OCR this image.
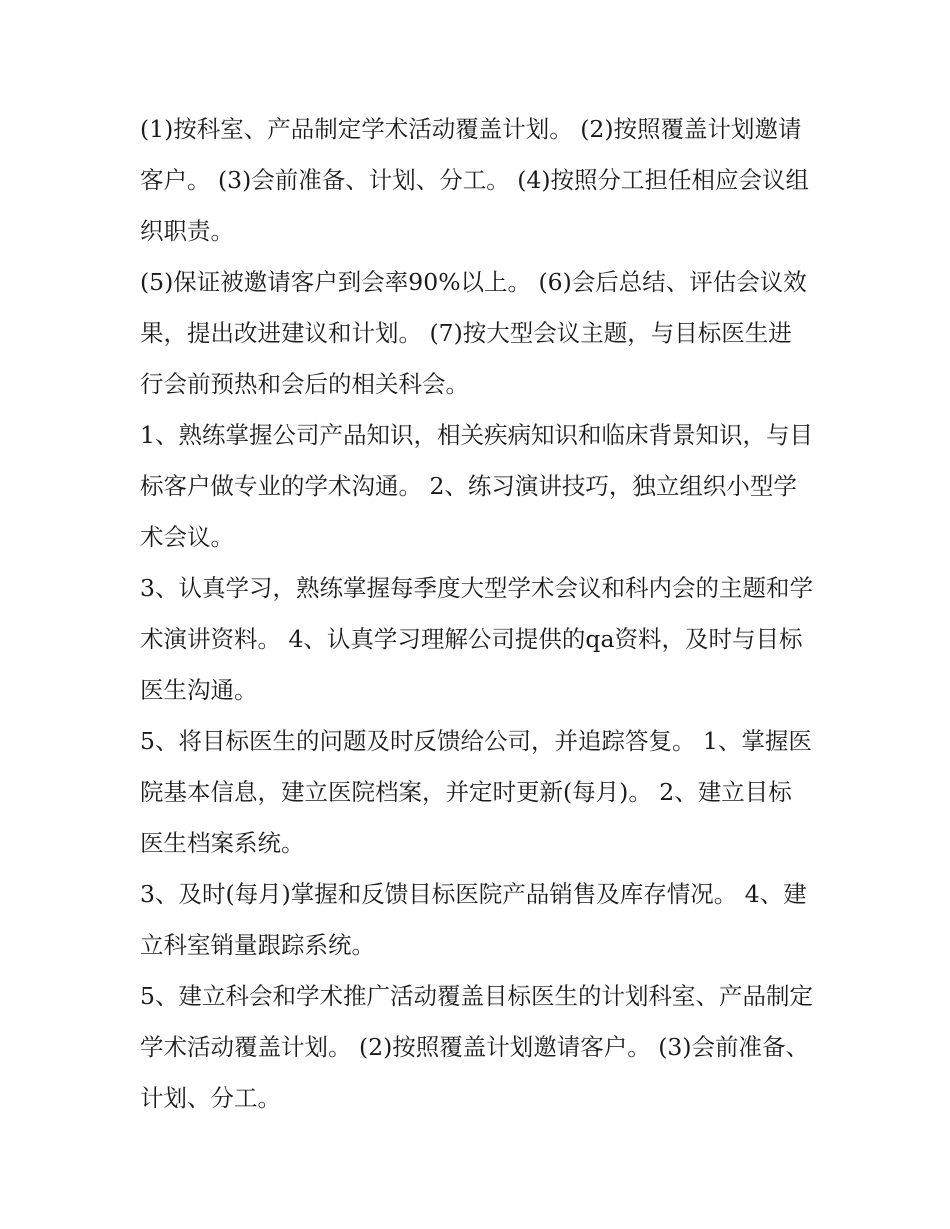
(1)按科室、产品制定学术活动覆盖计划。 (2)按照覆盖计划邀请客户。 (3)会前准备、计划、分工。 (4)按照分工担任相应会议组织职责。

(5)保证被邀请客户到会率90%以上。 (6)会后总结、评估会议效果，提出改进建议和计划。 (7)按大型会议主题，与目标医生进行会前预热和会后的相关科会。

1、熟练掌握公司产品知识，相关疾病知识和临床背景知识，与目标客户做专业的学术沟通。 2、练习演讲技巧，独立组织小型学术会议。

3、认真学习，熟练掌握每季度大型学术会议和科内会的主题和学术演讲资料。 4、认真学习理解公司提供的qa资料，及时与目标医生沟通。

5、将目标医生的问题及时反馈给公司，并追踪答复。 1、掌握医院基本信息，建立医院档案，并定时更新(每月)。 2、建立目标医生档案系统。

3、及时(每月)掌握和反馈目标医院产品销售及库存情况。 4、建立科室销量跟踪系统。

5、建立科会和学术推广活动覆盖目标医生的计划科室、产品制定学术活动覆盖计划。 (2)按照覆盖计划邀请客户。 (3)会前准备、计划、分工。
